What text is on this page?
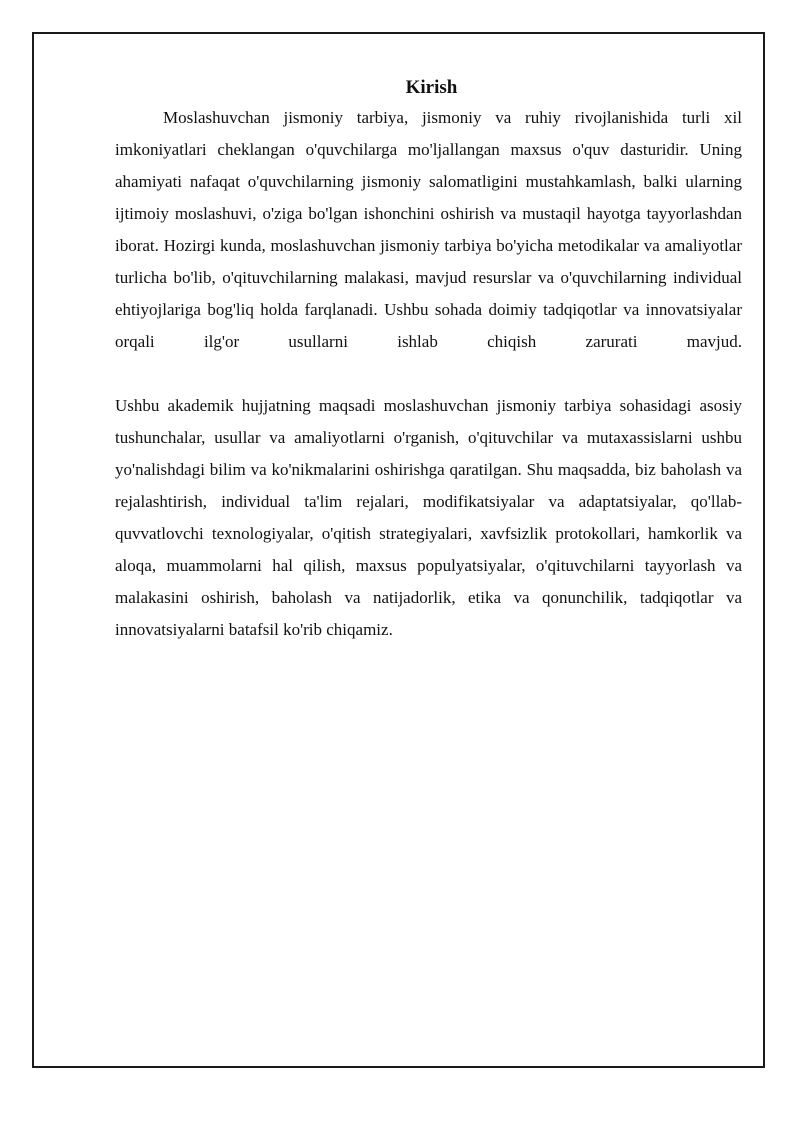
Kirish

Moslashuvchan jismoniy tarbiya, jismoniy va ruhiy rivojlanishida turli xil imkoniyatlari cheklangan o'quvchilarga mo'ljallangan maxsus o'quv dasturidir. Uning ahamiyati nafaqat o'quvchilarning jismoniy salomatligini mustahkamlash, balki ularning ijtimoiy moslashuvi, o'ziga bo'lgan ishonchini oshirish va mustaqil hayotga tayyorlashdan iborat. Hozirgi kunda, moslashuvchan jismoniy tarbiya bo'yicha metodikalar va amaliyotlar turlicha bo'lib, o'qituvchilarning malakasi, mavjud resurslar va o'quvchilarning individual ehtiyojlariga bog'liq holda farqlanadi. Ushbu sohada doimiy tadqiqotlar va innovatsiyalar orqali ilg'or usullarni ishlab chiqish zarurati mavjud.

Ushbu akademik hujjatning maqsadi moslashuvchan jismoniy tarbiya sohasidagi asosiy tushunchalar, usullar va amaliyotlarni o'rganish, o'qituvchilar va mutaxassislarni ushbu yo'nalishdagi bilim va ko'nikmalarini oshirishga qaratilgan. Shu maqsadda, biz baholash va rejalashtirish, individual ta'lim rejalari, modifikatsiyalar va adaptatsiyalar, qo'llab-quvvatlovchi texnologiyalar, o'qitish strategiyalari, xavfsizlik protokollari, hamkorlik va aloqa, muammolarni hal qilish, maxsus populyatsiyalar, o'qituvchilarni tayyorlash va malakasini oshirish, baholash va natijadorlik, etika va qonunchilik, tadqiqotlar va innovatsiyalarni batafsil ko'rib chiqamiz.
